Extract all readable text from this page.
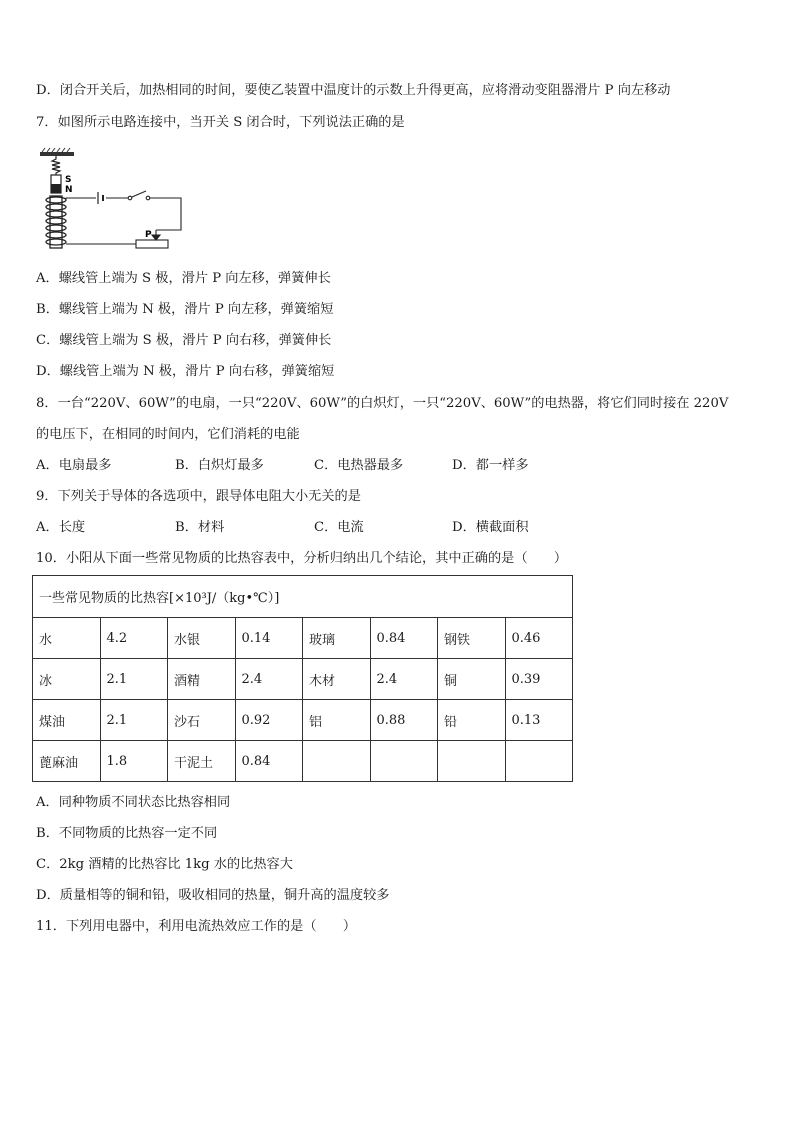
D．闭合开关后，加热相同的时间，要使乙装置中温度计的示数上升得更高，应将滑动变阻器滑片 P 向左移动
7．如图所示电路连接中，当开关 S 闭合时，下列说法正确的是
S
N
P
A．螺线管上端为 S 极，滑片 P 向左移，弹簧伸长
B．螺线管上端为 N 极，滑片 P 向左移，弹簧缩短
C．螺线管上端为 S 极，滑片 P 向右移，弹簧伸长
D．螺线管上端为 N 极，滑片 P 向右移，弹簧缩短
8．一台“220V、60W”的电扇，一只“220V、60W”的白炽灯，一只“220V、60W”的电热器，将它们同时接在 220V
的电压下，在相同的时间内，它们消耗的电能
A．电扇最多	B．白炽灯最多	C．电热器最多	D．都一样多
9．下列关于导体的各选项中，跟导体电阻大小无关的是
A．长度	B．材料	C．电流	D．横截面积
10．小阳从下面一些常见物质的比热容表中，分析归纳出几个结论，其中正确的是（　　）
一些常见物质的比热容[×10³J/（kg•℃）]							
水	4.2	水银	0.14	玻璃	0.84	钢铁	0.46
冰	2.1	酒精	2.4	木材	2.4	铜	0.39
煤油	2.1	沙石	0.92	铝	0.88	铅	0.13
蓖麻油	1.8	干泥土	0.84				
A．同种物质不同状态比热容相同
B．不同物质的比热容一定不同
C．2kg 酒精的比热容比 1kg 水的比热容大
D．质量相等的铜和铅，吸收相同的热量，铜升高的温度较多
11．下列用电器中，利用电流热效应工作的是（　　）
